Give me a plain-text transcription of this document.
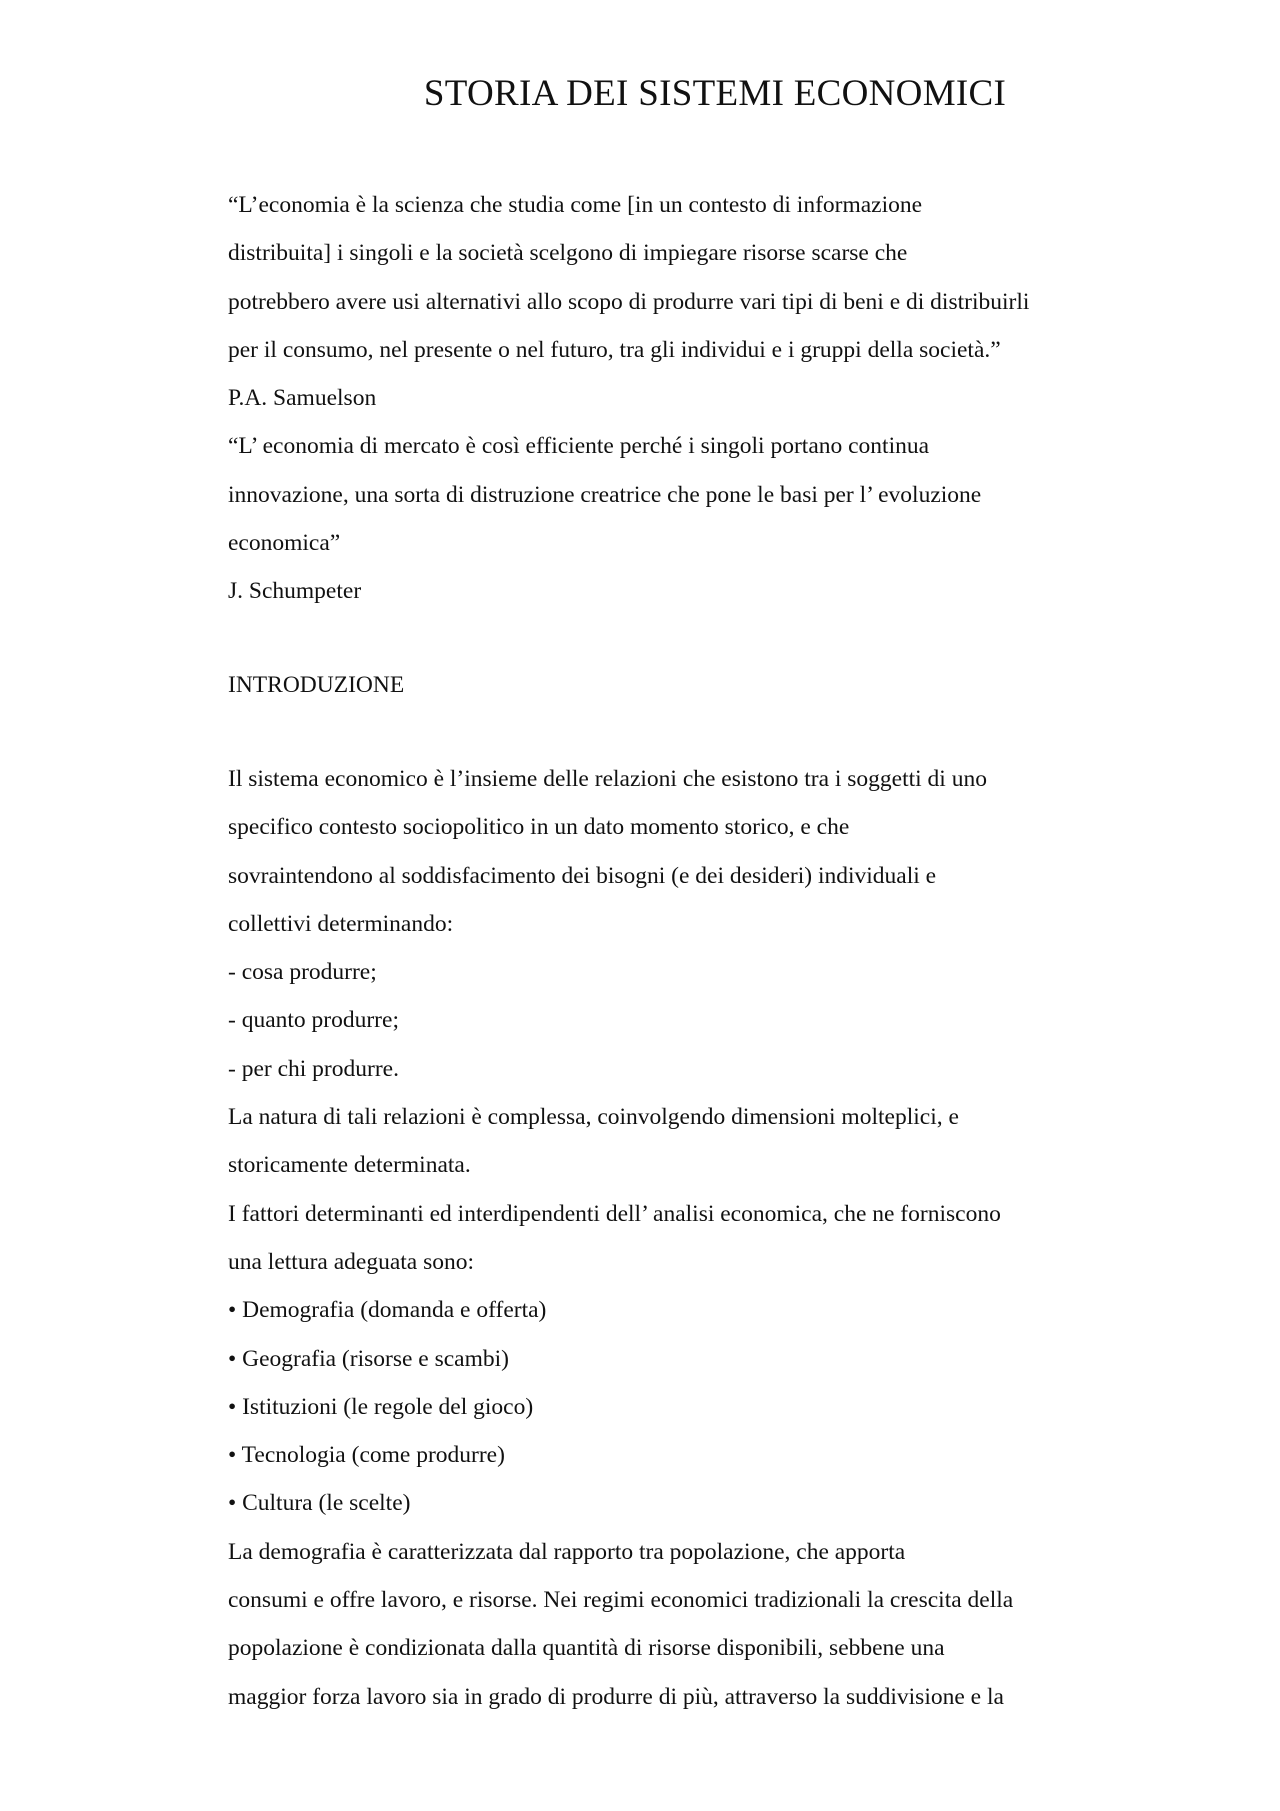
STORIA DEI SISTEMI ECONOMICI
“L’economia è la scienza che studia come [in un contesto di informazione
distribuita] i singoli e la società scelgono di impiegare risorse scarse che
potrebbero avere usi alternativi allo scopo di produrre vari tipi di beni e di distribuirli
per il consumo, nel presente o nel futuro, tra gli individui e i gruppi della società.”
P.A. Samuelson
“L’ economia di mercato è così efficiente perché i singoli portano continua
innovazione, una sorta di distruzione creatrice che pone le basi per l’ evoluzione
economica”
J. Schumpeter
INTRODUZIONE
Il sistema economico è l’insieme delle relazioni che esistono tra i soggetti di uno
specifico contesto sociopolitico in un dato momento storico, e che
sovraintendono al soddisfacimento dei bisogni (e dei desideri) individuali e
collettivi determinando:
- cosa produrre;
- quanto produrre;
- per chi produrre.
La natura di tali relazioni è complessa, coinvolgendo dimensioni molteplici, e
storicamente determinata.
I fattori determinanti ed interdipendenti dell’ analisi economica, che ne forniscono
una lettura adeguata sono:
• Demografia (domanda e offerta)
• Geografia (risorse e scambi)
• Istituzioni (le regole del gioco)
• Tecnologia (come produrre)
• Cultura (le scelte)
La demografia è caratterizzata dal rapporto tra popolazione, che apporta
consumi e offre lavoro, e risorse. Nei regimi economici tradizionali la crescita della
popolazione è condizionata dalla quantità di risorse disponibili, sebbene una
maggior forza lavoro sia in grado di produrre di più, attraverso la suddivisione e la
